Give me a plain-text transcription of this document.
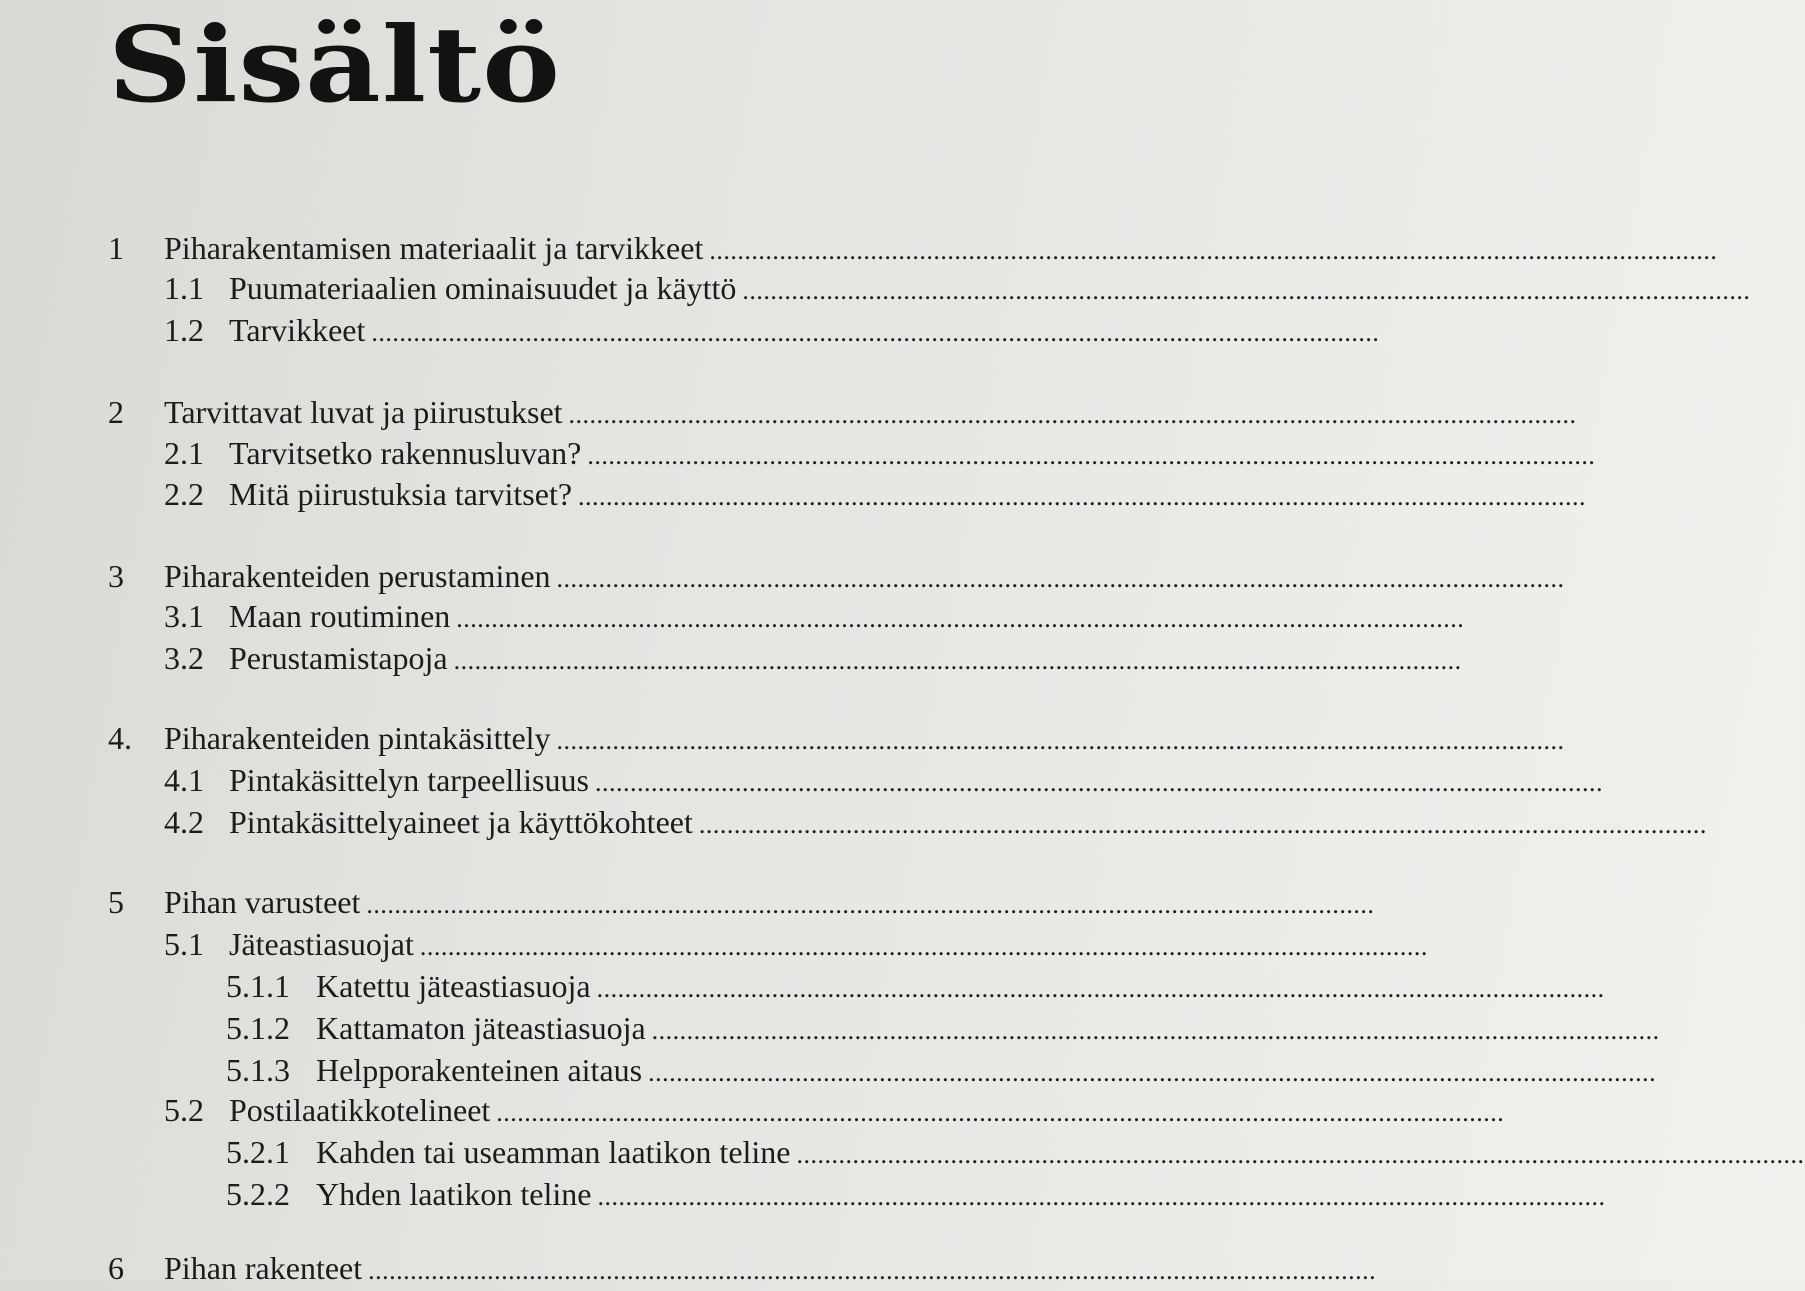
Sisältö
1 Piharakentamisen materiaalit ja tarvikkeet ................................................................................................................................................
1.1 Puumateriaalien ominaisuudet ja käyttö ................................................................................................................................................
1.2 Tarvikkeet ................................................................................................................................................
2 Tarvittavat luvat ja piirustukset ................................................................................................................................................
2.1 Tarvitsetko rakennusluvan? ................................................................................................................................................
2.2 Mitä piirustuksia tarvitset? ................................................................................................................................................
3 Piharakenteiden perustaminen ................................................................................................................................................
3.1 Maan routiminen ................................................................................................................................................
3.2 Perustamistapoja ................................................................................................................................................
4. Piharakenteiden pintakäsittely ................................................................................................................................................
4.1 Pintakäsittelyn tarpeellisuus ................................................................................................................................................
4.2 Pintakäsittelyaineet ja käyttökohteet ................................................................................................................................................
5 Pihan varusteet ................................................................................................................................................
5.1 Jäteastiasuojat ................................................................................................................................................
5.1.1 Katettu jäteastiasuoja ................................................................................................................................................
5.1.2 Kattamaton jäteastiasuoja ................................................................................................................................................
5.1.3 Helpporakenteinen aitaus ................................................................................................................................................
5.2 Postilaatikkotelineet ................................................................................................................................................
5.2.1 Kahden tai useamman laatikon teline ................................................................................................................................................
5.2.2 Yhden laatikon teline ................................................................................................................................................
6 Pihan rakenteet ................................................................................................................................................
